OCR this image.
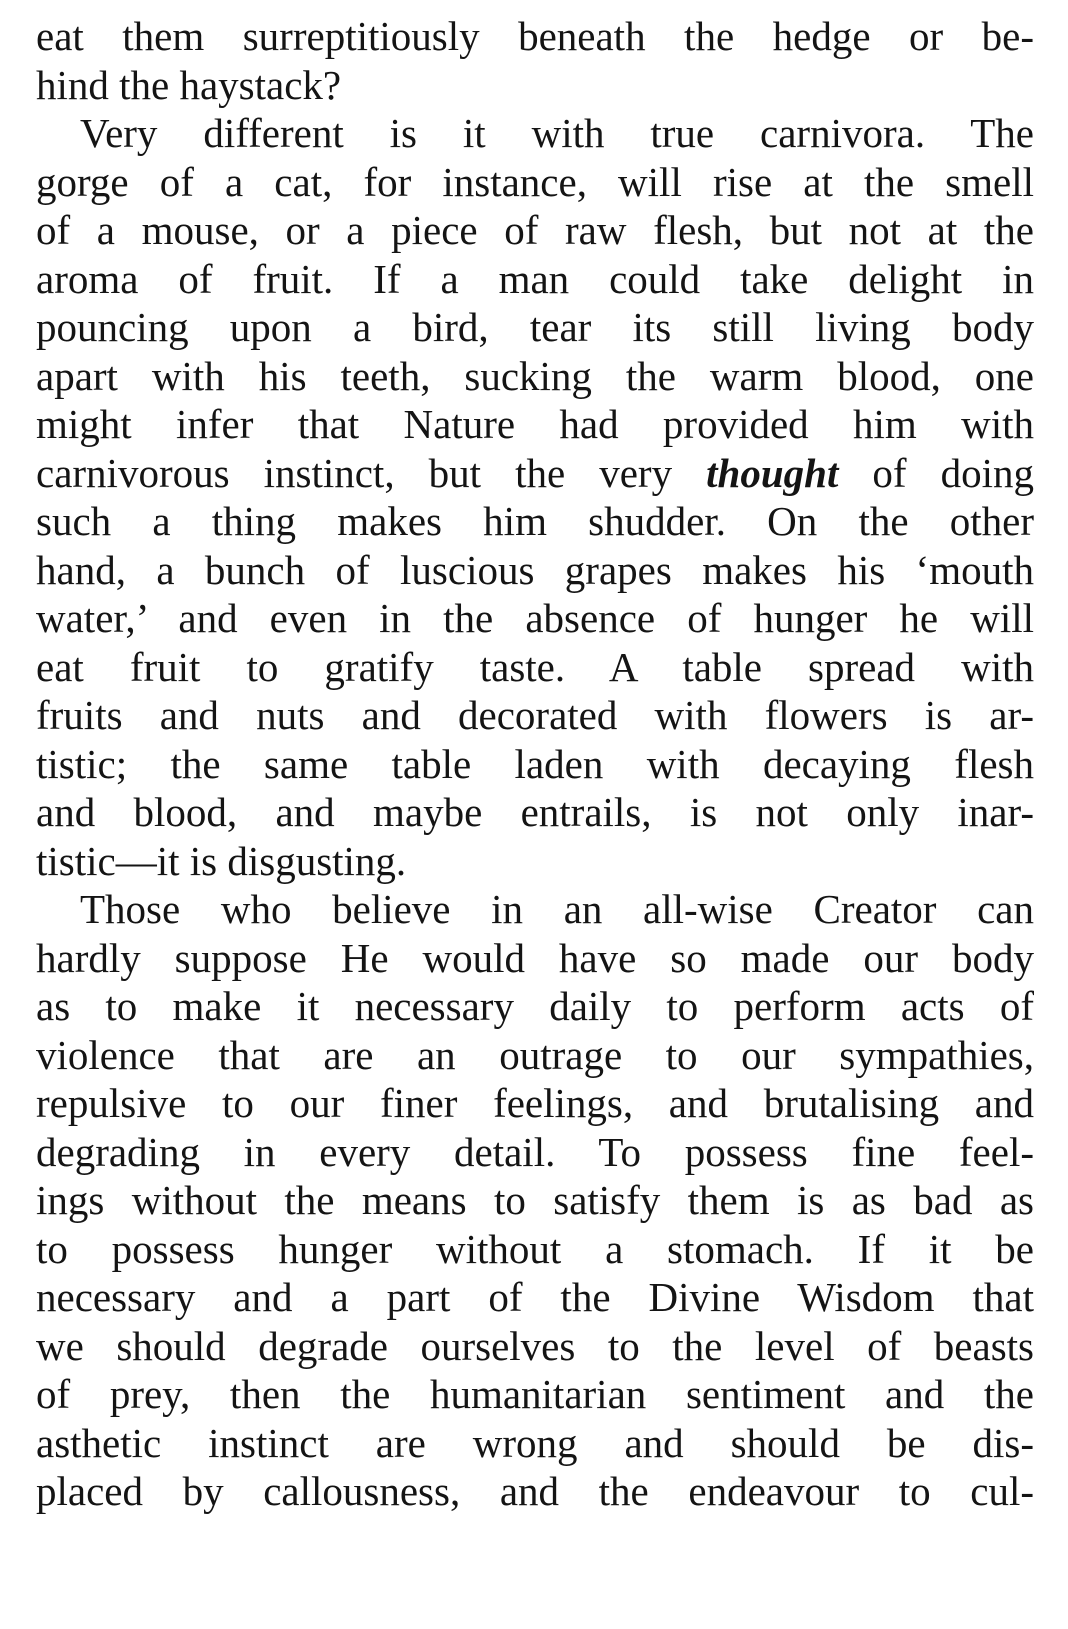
eat them surreptitiously beneath the hedge or be-
hind the haystack?
Very different is it with true carnivora. The
gorge of a cat, for instance, will rise at the smell
of a mouse, or a piece of raw flesh, but not at the
aroma of fruit. If a man could take delight in
pouncing upon a bird, tear its still living body
apart with his teeth, sucking the warm blood, one
might infer that Nature had provided him with
carnivorous instinct, but the very thought of doing
such a thing makes him shudder. On the other
hand, a bunch of luscious grapes makes his ‘mouth
water,’ and even in the absence of hunger he will
eat fruit to gratify taste. A table spread with
fruits and nuts and decorated with flowers is ar-
tistic; the same table laden with decaying flesh
and blood, and maybe entrails, is not only inar-
tistic—it is disgusting.
Those who believe in an all-wise Creator can
hardly suppose He would have so made our body
as to make it necessary daily to perform acts of
violence that are an outrage to our sympathies,
repulsive to our finer feelings, and brutalising and
degrading in every detail. To possess fine feel-
ings without the means to satisfy them is as bad as
to possess hunger without a stomach. If it be
necessary and a part of the Divine Wisdom that
we should degrade ourselves to the level of beasts
of prey, then the humanitarian sentiment and the
asthetic instinct are wrong and should be dis-
placed by callousness, and the endeavour to cul-
